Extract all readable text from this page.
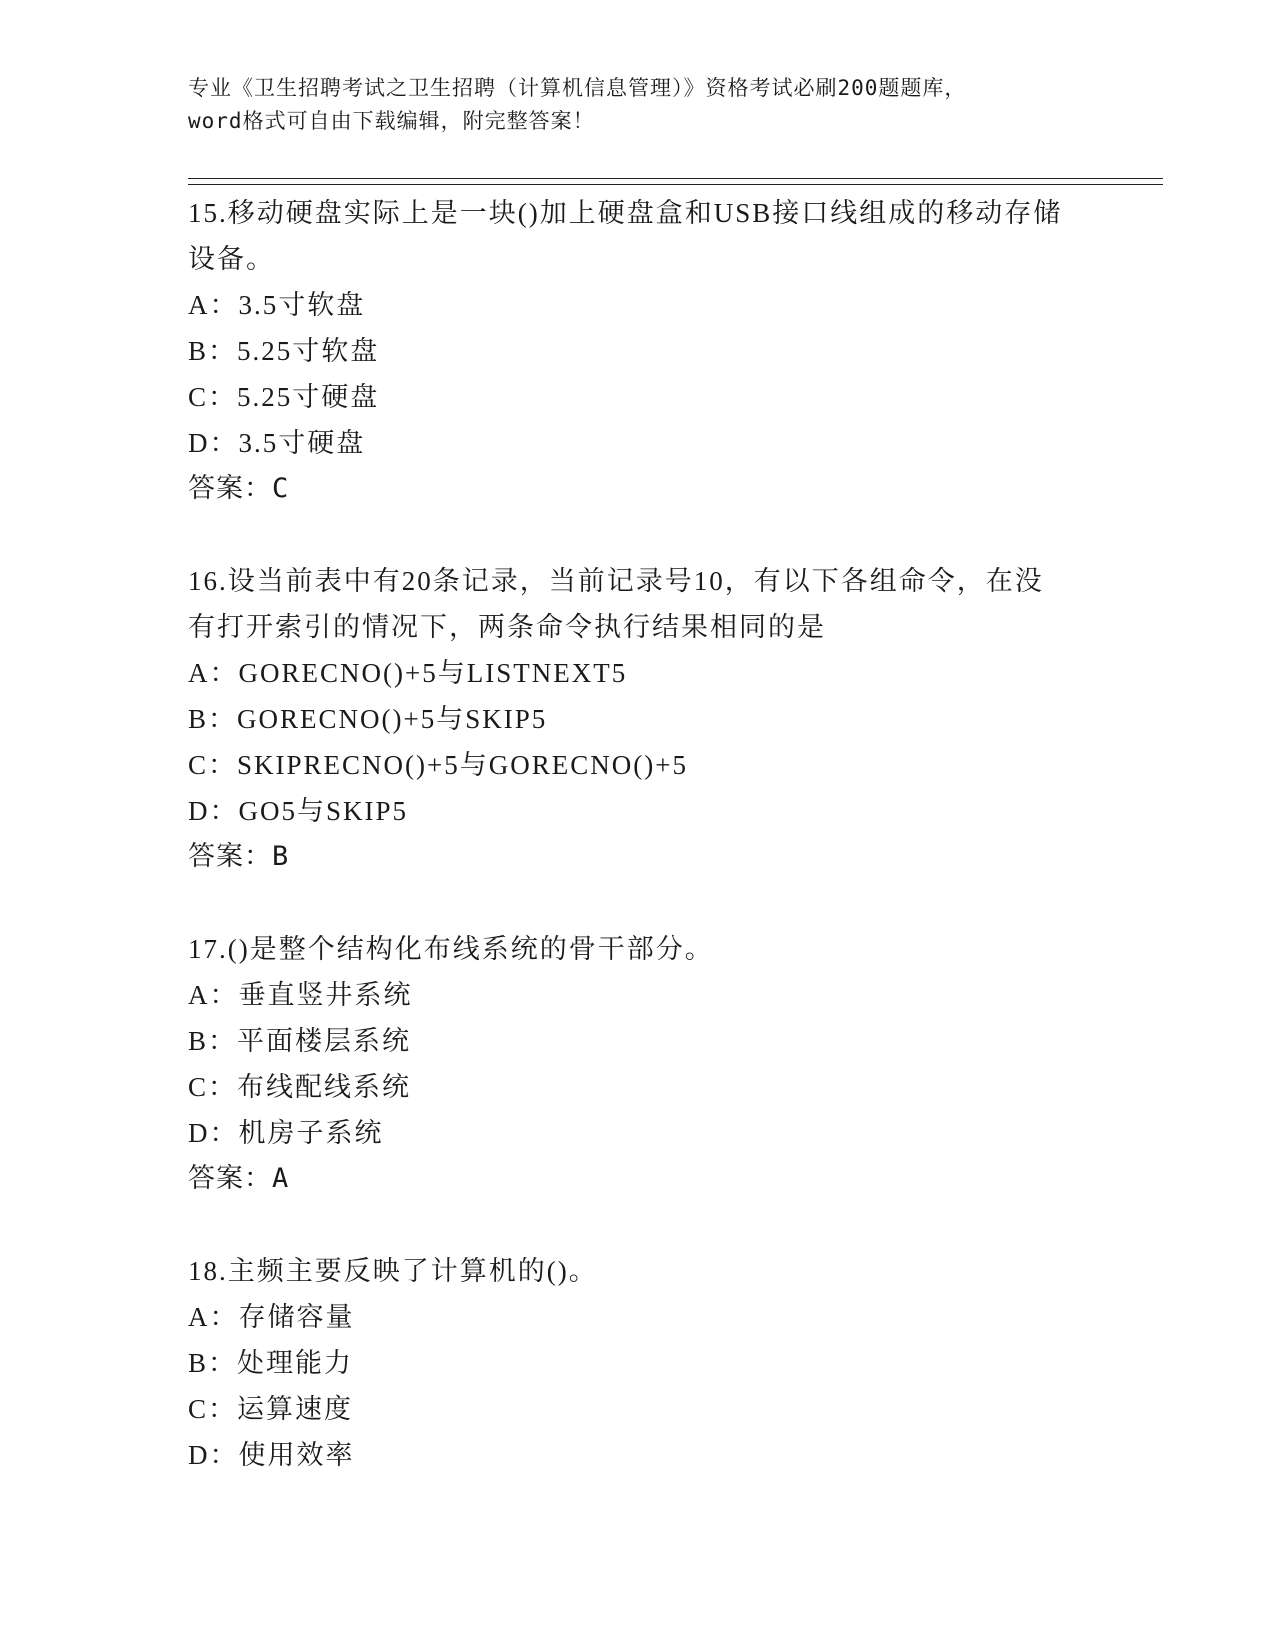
专业《卫生招聘考试之卫生招聘（计算机信息管理）》资格考试必刷200题题库，

word格式可自由下载编辑，附完整答案！

15.移动硬盘实际上是一块()加上硬盘盒和USB接口线组成的移动存储

设备。

A：3.5寸软盘

B：5.25寸软盘

C：5.25寸硬盘

D：3.5寸硬盘

答案：C

16.设当前表中有20条记录，当前记录号10，有以下各组命令，在没

有打开索引的情况下，两条命令执行结果相同的是

A：GORECNO()+5与LISTNEXT5

B：GORECNO()+5与SKIP5

C：SKIPRECNO()+5与GORECNO()+5

D：GO5与SKIP5

答案：B

17.()是整个结构化布线系统的骨干部分。

A：垂直竖井系统

B：平面楼层系统

C：布线配线系统

D：机房子系统

答案：A

18.主频主要反映了计算机的()。

A：存储容量

B：处理能力

C：运算速度

D：使用效率
